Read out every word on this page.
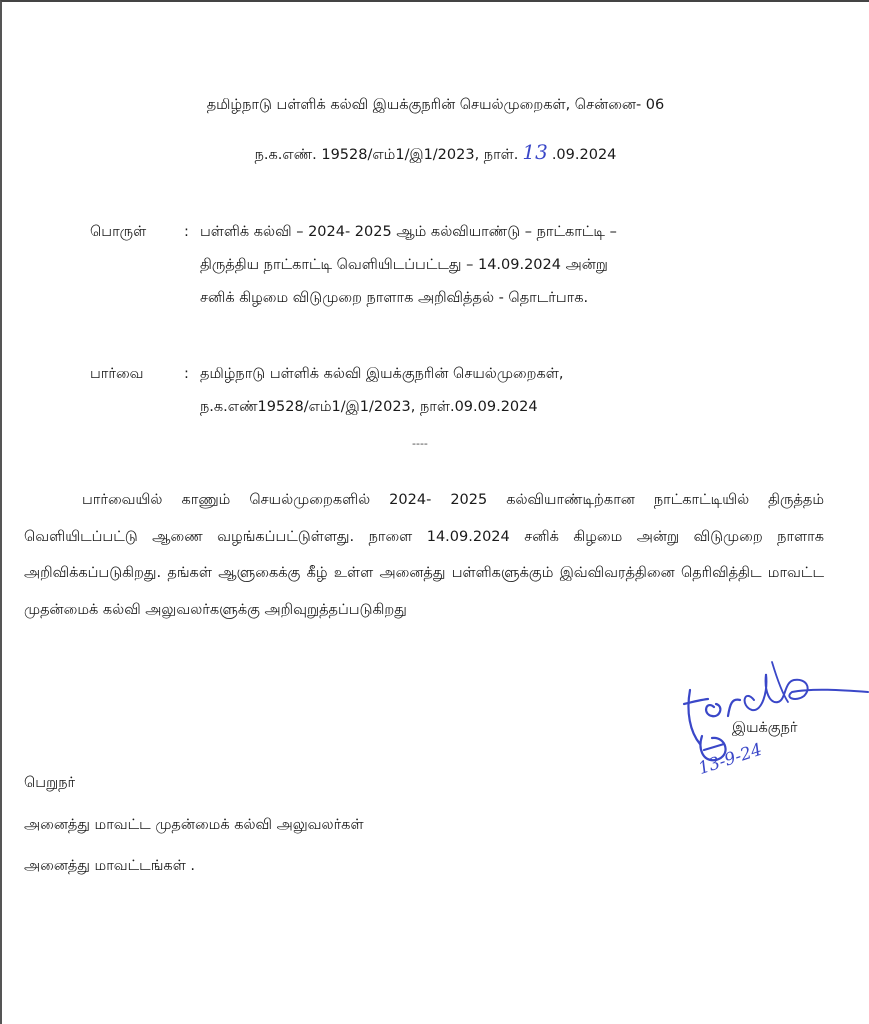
தமிழ்நாடு பள்ளிக் கல்வி இயக்குநரின் செயல்முறைகள், சென்னை- 06
ந.க.எண். 19528/எம்1/இ1/2023, நாள். 13 .09.2024
பொருள்	: பள்ளிக் கல்வி – 2024- 2025 ஆம் கல்வியாண்டு – நாட்காட்டி –
திருத்திய நாட்காட்டி வெளியிடப்பட்டது – 14.09.2024 அன்று
சனிக் கிழமை விடுமுறை நாளாக அறிவித்தல் - தொடர்பாக.
பார்வை	: தமிழ்நாடு பள்ளிக் கல்வி இயக்குநரின் செயல்முறைகள்,
ந.க.எண்19528/எம்1/இ1/2023, நாள்.09.09.2024
----
பார்வையில் காணும் செயல்முறைகளில் 2024- 2025 கல்வியாண்டிற்கான நாட்காட்டியில் திருத்தம் வெளியிடப்பட்டு ஆணை வழங்கப்பட்டுள்ளது. நாளை 14.09.2024 சனிக் கிழமை அன்று விடுமுறை நாளாக அறிவிக்கப்படுகிறது. தங்கள் ஆளுகைக்கு கீழ் உள்ள அனைத்து பள்ளிகளுக்கும் இவ்விவரத்தினை தெரிவித்திட மாவட்ட முதன்மைக் கல்வி அலுவலர்களுக்கு அறிவுறுத்தப்படுகிறது
இயக்குநர்
13-9-24
பெறுநர்
அனைத்து மாவட்ட முதன்மைக் கல்வி அலுவலர்கள்
அனைத்து மாவட்டங்கள் .
